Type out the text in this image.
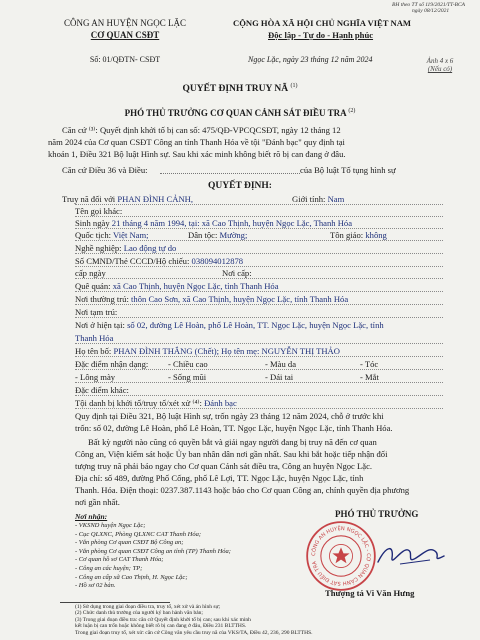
BH theo TT số 119/2021/TT-BCA
ngày 08/12/2021
CÔNG AN HUYỆN NGỌC LẶC
CƠ QUAN CSĐT
Số: 01/QĐTN- CSĐT
CỘNG HÒA XÃ HỘI CHỦ NGHĨA VIỆT NAM
Độc lập - Tự do - Hạnh phúc
Ngọc Lặc, ngày 23 tháng 12 năm 2024	Ảnh 4 x 6
(Nếu có)
QUYẾT ĐỊNH TRUY NÃ $^{(1)}$
PHÓ THỦ TRƯỞNG CƠ QUAN CẢNH SÁT ĐIỀU TRA $^{(2)}$
Căn cứ ⁽³⁾: Quyết định khởi tố bị can số: 475/QĐ-VPCQCSĐT, ngày 12 tháng 12
năm 2024 của Cơ quan CSĐT Công an tỉnh Thanh Hóa về tội "Đánh bạc" quy định tại
khoản 1, Điều 321 Bộ luật Hình sự. Sau khi xác minh không biết rõ bị can đang ở đâu.
Căn cứ Điều 36 và Điều:	của Bộ luật Tố tụng hình sự
QUYẾT ĐỊNH:
Truy nã đối với PHAN ĐÌNH CẢNH,	Giới tính: Nam
Tên gọi khác:
Sinh ngày 21 tháng 4 năm 1994, tại: xã Cao Thịnh, huyện Ngọc Lặc, Thanh Hóa
Quốc tịch: Việt Nam;	Dân tộc: Mường;	Tôn giáo: không
Nghề nghiệp: Lao động tự do
Số CMND/Thẻ CCCD/Hộ chiếu: 038094012878
cấp ngày	Nơi cấp:
Quê quán: xã Cao Thịnh, huyện Ngọc Lặc, tỉnh Thanh Hóa
Nơi thường trú: thôn Cao Sơn, xã Cao Thịnh, huyện Ngọc Lặc, tỉnh Thanh Hóa
Nơi tạm trú:
Nơi ở hiện tại: số 02, đường Lê Hoàn, phố Lê Hoàn, TT. Ngọc Lặc, huyện Ngọc Lặc, tỉnh
Thanh Hóa
Họ tên bố: PHAN ĐÌNH THẮNG (Chết); Họ tên mẹ: NGUYỄN THỊ THẢO
Đặc điểm nhận dạng: - Chiều cao	- Màu da	- Tóc
- Lông mày	- Sống mũi	- Dái tai	- Mắt
Đặc điểm khác:
Tội danh bị khởi tố/truy tố/xét xử ⁽⁴⁾: Đánh bạc
Quy định tại Điều 321, Bộ luật Hình sự, trốn ngày 23 tháng 12 năm 2024, chỗ ở trước khi
trốn: số 02, đường Lê Hoàn, phố Lê Hoàn, TT. Ngọc Lặc, huyện Ngọc Lặc, tỉnh Thanh Hóa.
Bất kỳ người nào cũng có quyền bắt và giải ngay người đang bị truy nã đến cơ quan
Công an, Viện kiểm sát hoặc Ủy ban nhân dân nơi gần nhất. Sau khi bắt hoặc tiếp nhận đối
tượng truy nã phải báo ngay cho Cơ quan Cảnh sát điều tra, Công an huyện Ngọc Lặc.
Địa chỉ: số 489, đường Phố Cống, phố Lê Lợi, TT. Ngọc Lặc, huyện Ngọc Lặc, tỉnh
Thanh. Hóa. Điện thoại: 0237.387.1143 hoặc báo cho Cơ quan Công an, chính quyền địa phương
nơi gần nhất.
Nơi nhận:
- VKSND huyện Ngọc Lặc;
- Cục QLXNC, Phòng QLXNC CAT Thanh Hóa;
- Văn phòng Cơ quan CSĐT Bộ Công an;
- Văn phòng Cơ quan CSĐT Công an tỉnh (TP) Thanh Hóa;
- Cơ quan hồ sơ CAT Thanh Hóa;
- Công an các huyện; TP;
- Công an cấp xã Cao Thịnh, H. Ngọc Lặc;
- Hồ sơ 02 bản.
PHÓ THỦ TRƯỞNG
CÔNG AN HUYỆN NGỌC LẶC - CƠ QUAN CẢNH SÁT ĐIỀU TRA
Thượng tá Vi Văn Hưng
(1) Sử dụng trong giai đoạn điều tra, truy tố, xét xử và án hình sự;
(2) Chức danh thủ trưởng của người ký ban hành văn bản;
(3) Trong giai đoạn điều tra: căn cứ Quyết định khởi tố bị can; sau khi xác minh
kết luận bị can trốn hoặc không biết rõ bị can đang ở đâu, Điều 231 BLTTHS.
Trong giai đoạn truy tố, xét xử: căn cứ Công văn yêu cầu truy nã của VKS/TA, Điều 42, 236, 290 BLTTHS.
